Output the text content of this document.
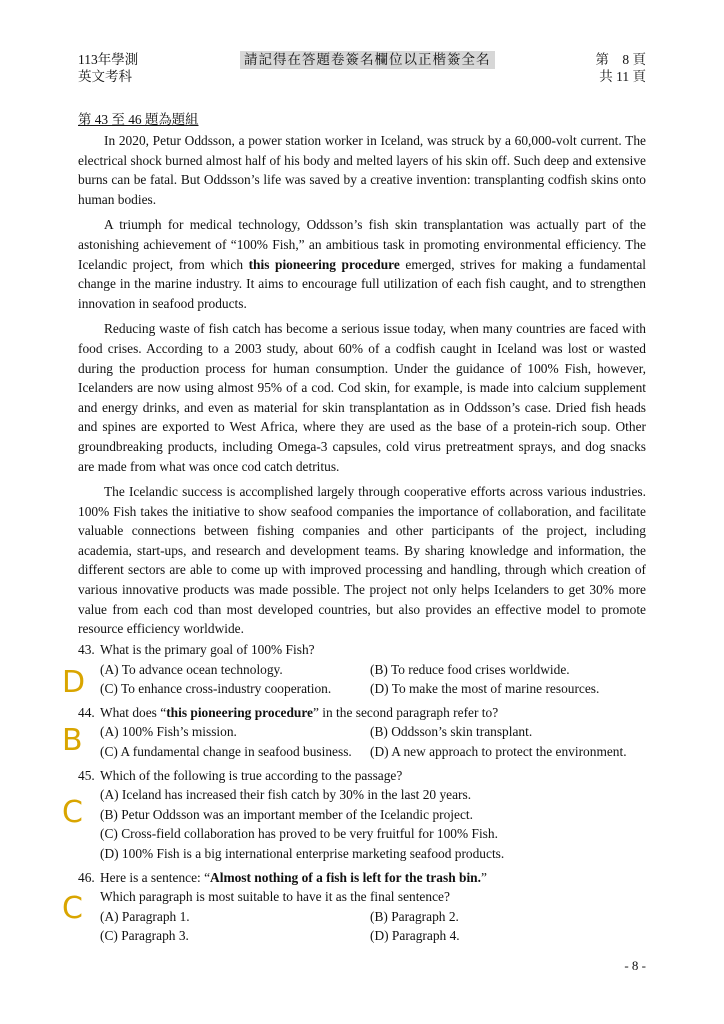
113年學測
英文考科
請記得在答題卷簽名欄位以正楷簽全名	第　8 頁
共 11 頁
第 43 至 46 題為題組

In 2020, Petur Oddsson, a power station worker in Iceland, was struck by a 60,000-volt current. The electrical shock burned almost half of his body and melted layers of his skin off. Such deep and extensive burns can be fatal. But Oddsson’s life was saved by a creative invention: transplanting codfish skins onto human bodies.

A triumph for medical technology, Oddsson’s fish skin transplantation was actually part of the astonishing achievement of “100% Fish,” an ambitious task in promoting environmental efficiency. The Icelandic project, from which this pioneering procedure emerged, strives for making a fundamental change in the marine industry. It aims to encourage full utilization of each fish caught, and to strengthen innovation in seafood products.

Reducing waste of fish catch has become a serious issue today, when many countries are faced with food crises. According to a 2003 study, about 60% of a codfish caught in Iceland was lost or wasted during the production process for human consumption. Under the guidance of 100% Fish, however, Icelanders are now using almost 95% of a cod. Cod skin, for example, is made into calcium supplement and energy drinks, and even as material for skin transplantation as in Oddsson’s case. Dried fish heads and spines are exported to West Africa, where they are used as the base of a protein-rich soup. Other groundbreaking products, including Omega-3 capsules, cold virus pretreatment sprays, and dog snacks are made from what was once cod catch detritus.

The Icelandic success is accomplished largely through cooperative efforts across various industries. 100% Fish takes the initiative to show seafood companies the importance of collaboration, and facilitate valuable connections between fishing companies and other participants of the project, including academia, start-ups, and research and development teams. By sharing knowledge and information, the different sectors are able to come up with improved processing and handling, through which creation of various innovative products was made possible. The project not only helps Icelanders to get 30% more value from each cod than most developed countries, but also provides an effective model to promote resource efficiency worldwide.

43. What is the primary goal of 100% Fish?
(A) To advance ocean technology.	(B) To reduce food crises worldwide.
(C) To enhance cross-industry cooperation.	(D) To make the most of marine resources.
44. What does “this pioneering procedure” in the second paragraph refer to?
(A) 100% Fish’s mission.	(B) Oddsson’s skin transplant.
(C) A fundamental change in seafood business.	(D) A new approach to protect the environment.
45. Which of the following is true according to the passage?
(A) Iceland has increased their fish catch by 30% in the last 20 years.
(B) Petur Oddsson was an important member of the Icelandic project.
(C) Cross-field collaboration has proved to be very fruitful for 100% Fish.
(D) 100% Fish is a big international enterprise marketing seafood products.
46. Here is a sentence: “Almost nothing of a fish is left for the trash bin.”
Which paragraph is most suitable to have it as the final sentence?
(A) Paragraph 1.	(B) Paragraph 2.
(C) Paragraph 3.	(D) Paragraph 4.
D
B
C
C
- 8 -
